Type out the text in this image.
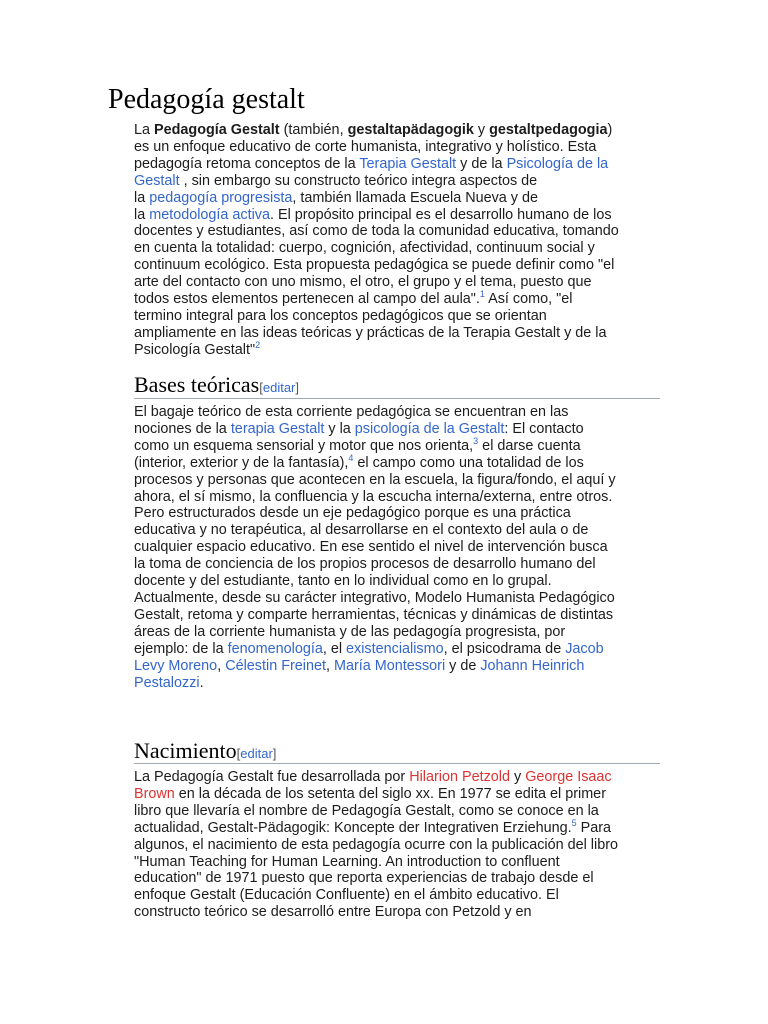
Pedagogía gestalt
La Pedagogía Gestalt (también, gestaltapädagogik y gestaltpedagogia)
es un enfoque educativo de corte humanista, integrativo y holístico. Esta
pedagogía retoma conceptos de la Terapia Gestalt y de la Psicología de la
Gestalt , sin embargo su constructo teórico integra aspectos de
la pedagogía progresista, también llamada Escuela Nueva y de
la metodología activa. El propósito principal es el desarrollo humano de los
docentes y estudiantes, así como de toda la comunidad educativa, tomando
en cuenta la totalidad: cuerpo, cognición, afectividad, continuum social y
continuum ecológico. Esta propuesta pedagógica se puede definir como "el
arte del contacto con uno mismo, el otro, el grupo y el tema, puesto que
todos estos elementos pertenecen al campo del aula".$^1$ Así como, "el
termino integral para los conceptos pedagógicos que se orientan
ampliamente en las ideas teóricas y prácticas de la Terapia Gestalt y de la
Psicología Gestalt"$^2$
Bases teóricas[editar]
El bagaje teórico de esta corriente pedagógica se encuentran en las
nociones de la terapia Gestalt y la psicología de la Gestalt: El contacto
como un esquema sensorial y motor que nos orienta,$^3$ el darse cuenta
(interior, exterior y de la fantasía),$^4$ el campo como una totalidad de los
procesos y personas que acontecen en la escuela, la figura/fondo, el aquí y
ahora, el sí mismo, la confluencia y la escucha interna/externa, entre otros.
Pero estructurados desde un eje pedagógico porque es una práctica
educativa y no terapéutica, al desarrollarse en el contexto del aula o de
cualquier espacio educativo. En ese sentido el nivel de intervención busca
la toma de conciencia de los propios procesos de desarrollo humano del
docente y del estudiante, tanto en lo individual como en lo grupal.
Actualmente, desde su carácter integrativo, Modelo Humanista Pedagógico
Gestalt, retoma y comparte herramientas, técnicas y dinámicas de distintas
áreas de la corriente humanista y de las pedagogía progresista, por
ejemplo: de la fenomenología, el existencialismo, el psicodrama de Jacob
Levy Moreno, Célestin Freinet, María Montessori y de Johann Heinrich
Pestalozzi.
Nacimiento[editar]
La Pedagogía Gestalt fue desarrollada por Hilarion Petzold y George Isaac
Brown en la década de los setenta del siglo xx. En 1977 se edita el primer
libro que llevaría el nombre de Pedagogía Gestalt, como se conoce en la
actualidad, Gestalt-Pädagogik: Koncepte der Integrativen Erziehung.$^5$ Para
algunos, el nacimiento de esta pedagogía ocurre con la publicación del libro
"Human Teaching for Human Learning. An introduction to confluent
education" de 1971 puesto que reporta experiencias de trabajo desde el
enfoque Gestalt (Educación Confluente) en el ámbito educativo. El
constructo teórico se desarrolló entre Europa con Petzold y en
